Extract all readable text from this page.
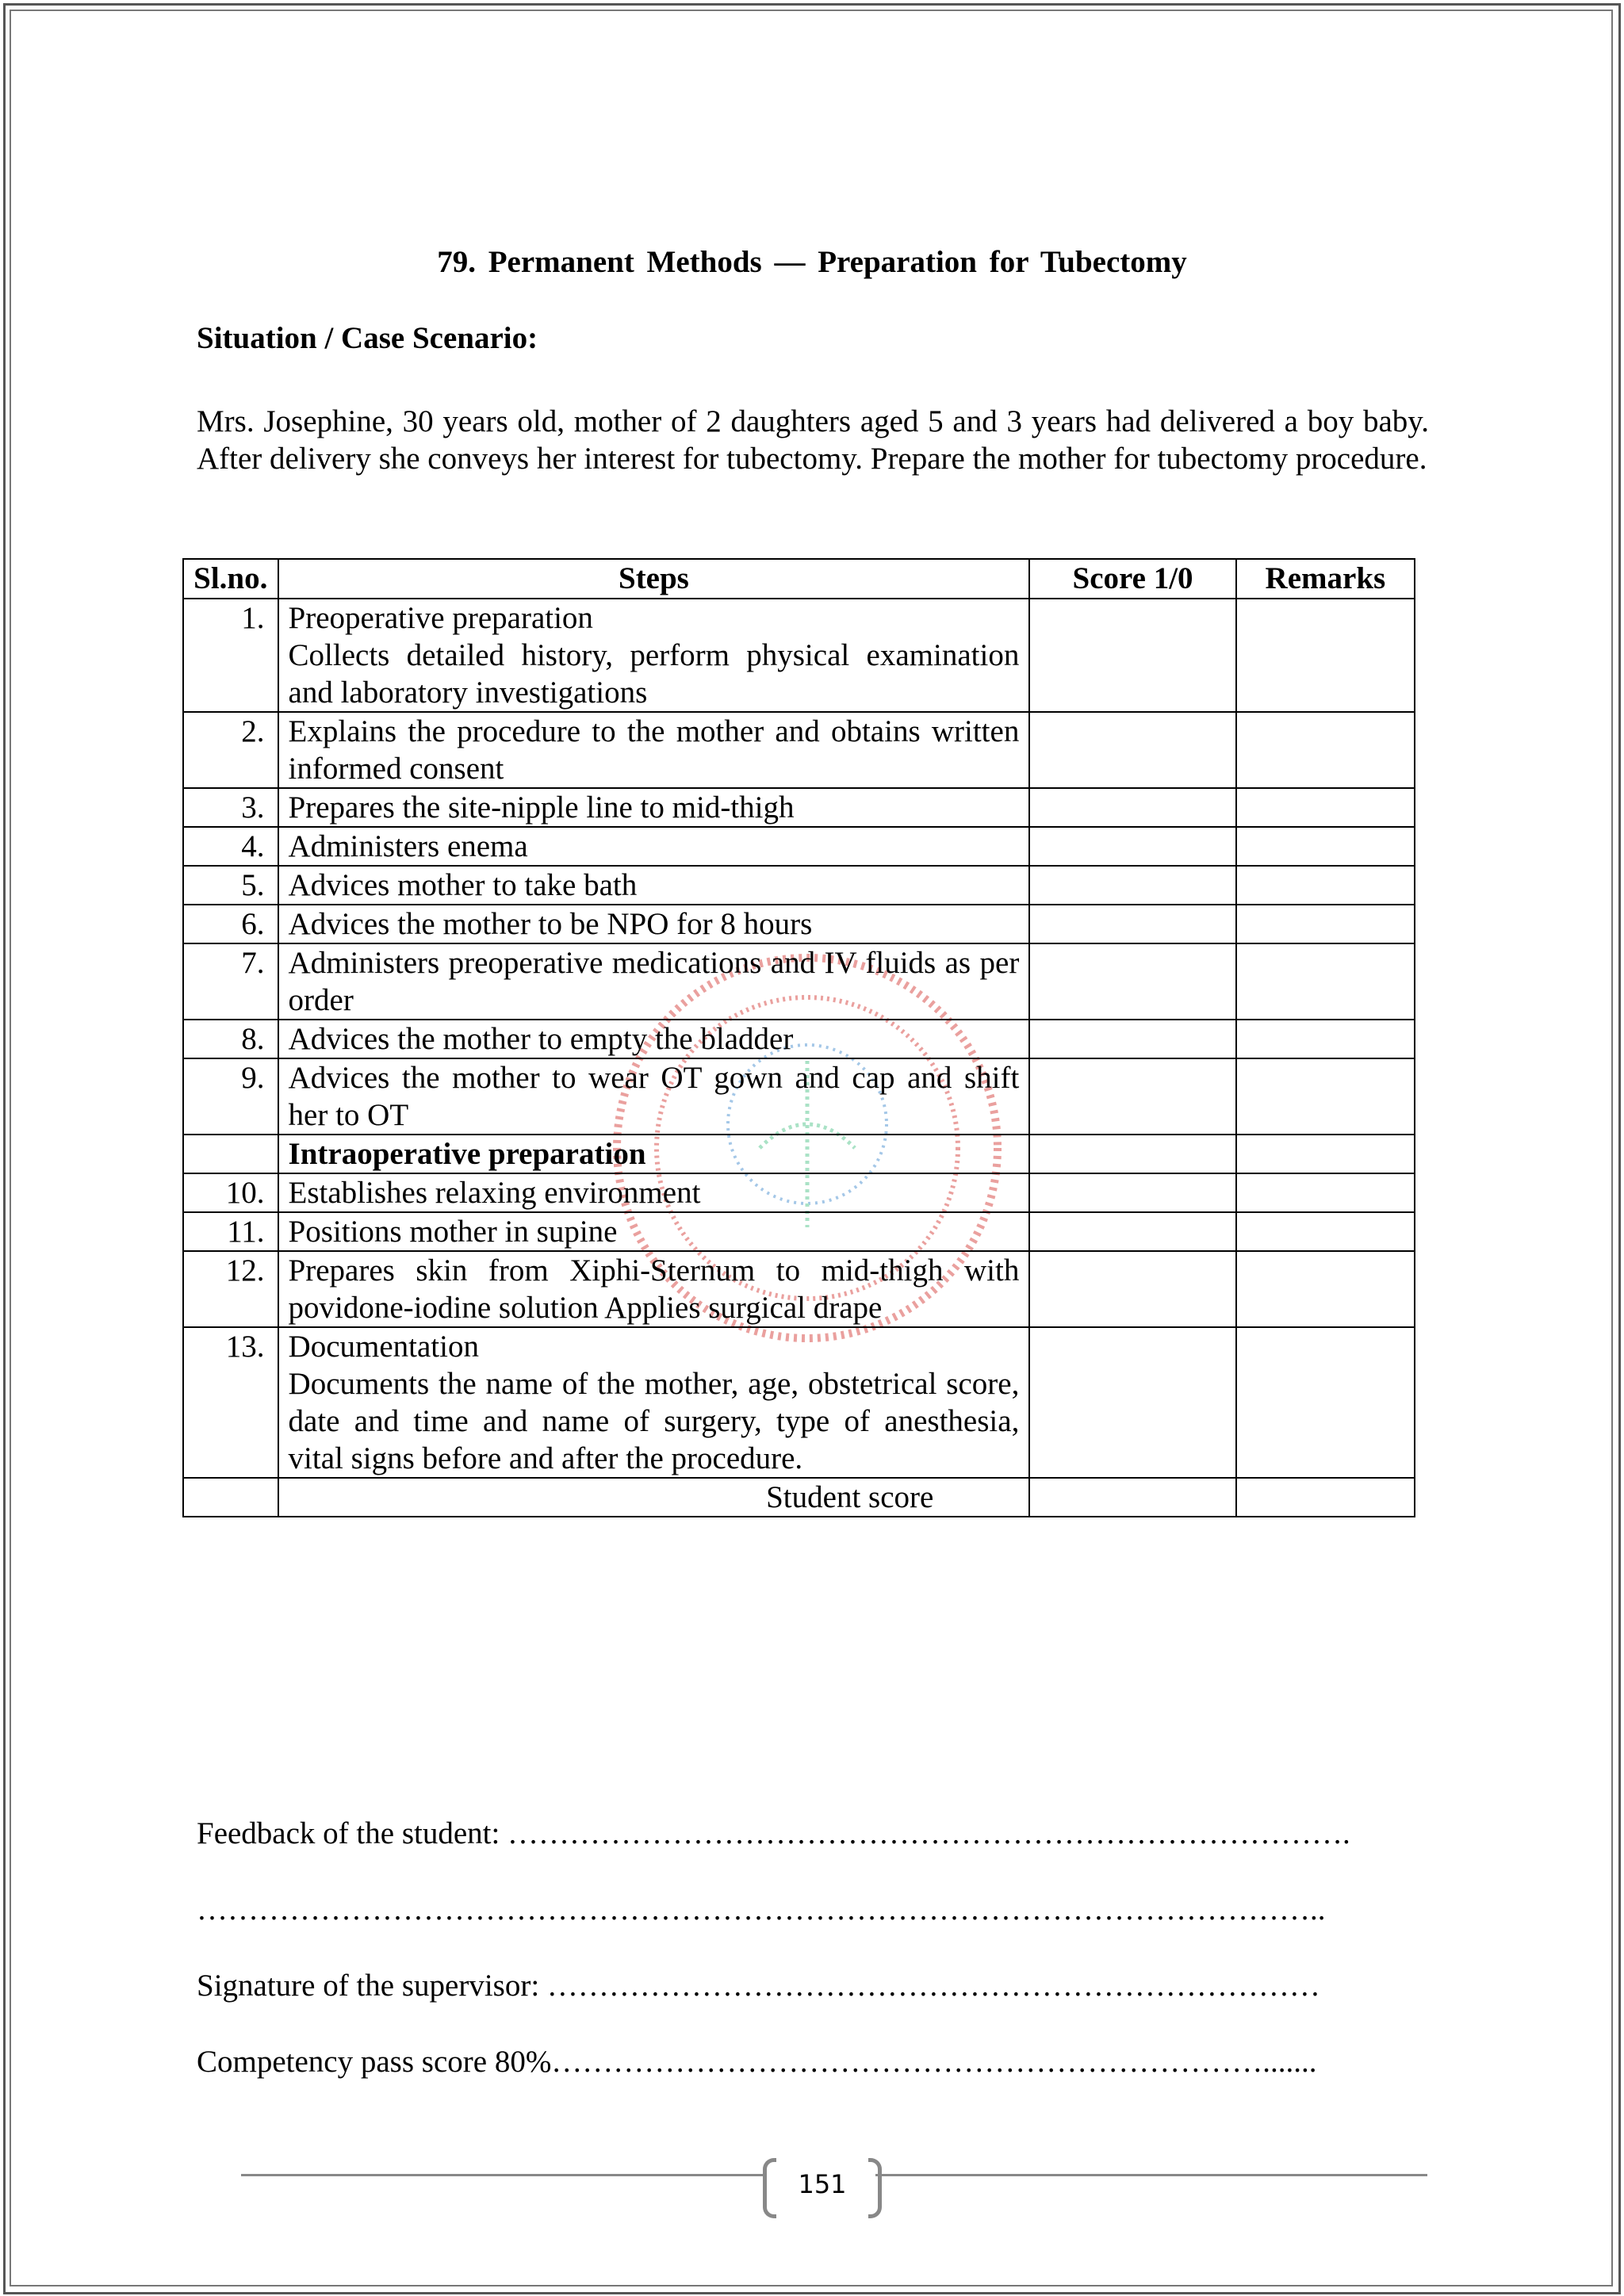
79. Permanent Methods — Preparation for Tubectomy
Situation / Case Scenario:
Mrs. Josephine, 30 years old, mother of 2 daughters aged 5 and 3 years had delivered a boy baby. After delivery she conveys her interest for tubectomy. Prepare the mother for tubectomy procedure.
Sl.no.	Steps	Score 1/0	Remarks
1.	Preoperative preparation
Collects detailed history, perform physical examination and laboratory investigations		
2.	Explains the procedure to the mother and obtains written informed consent		
3.	Prepares the site-nipple line to mid-thigh		
4.	Administers enema		
5.	Advices mother to take bath		
6.	Advices the mother to be NPO for 8 hours		
7.	Administers preoperative medications and IV fluids as per order		
8.	Advices the mother to empty the bladder		
9.	Advices the mother to wear OT gown and cap and shift her to OT		
	Intraoperative preparation		
10.	Establishes relaxing environment		
11.	Positions mother in supine		
12.	Prepares skin from Xiphi-Sternum to mid-thigh with povidone-iodine solution Applies surgical drape		
13.	Documentation
Documents the name of the mother, age, obstetrical score, date and time and name of surgery, type of anesthesia, vital signs before and after the procedure.		
	Student score		
Feedback of the student: ……………………………………………………………………….
………………………………………………………………………………………………..
Signature of the supervisor: …………………………………………………………………
Competency pass score 80%…………………………………………………………….......
151
